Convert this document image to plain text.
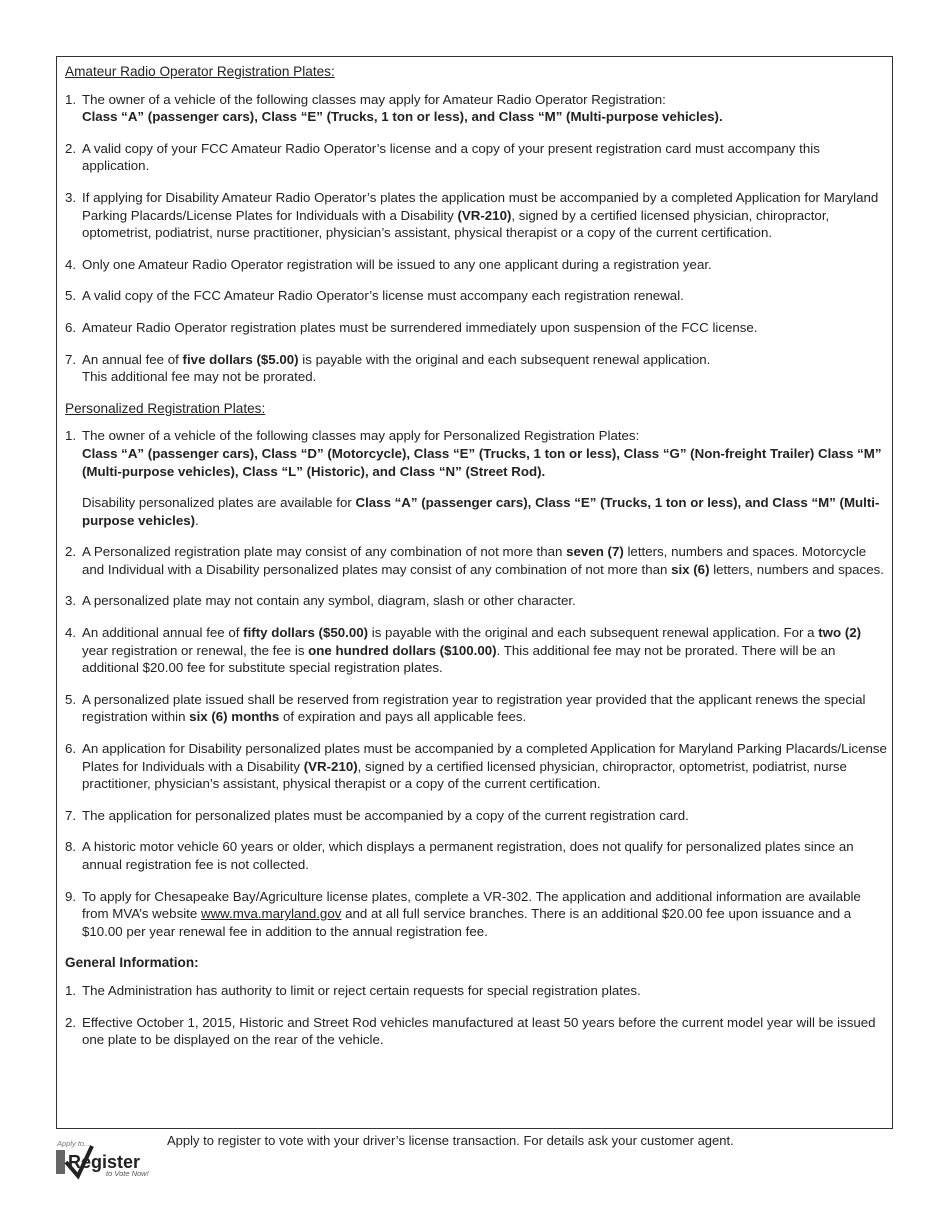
Amateur Radio Operator Registration Plates:
1. The owner of a vehicle of the following classes may apply for Amateur Radio Operator Registration:
Class “A” (passenger cars), Class “E” (Trucks, 1 ton or less), and Class “M” (Multi-purpose vehicles).
2. A valid copy of your FCC Amateur Radio Operator’s license and a copy of your present registration card must accompany this application.
3. If applying for Disability Amateur Radio Operator’s plates the application must be accompanied by a completed Application for Maryland Parking Placards/License Plates for Individuals with a Disability (VR-210), signed by a certified licensed physician, chiropractor, optometrist, podiatrist, nurse practitioner, physician’s assistant, physical therapist or a copy of the current certification.
4. Only one Amateur Radio Operator registration will be issued to any one applicant during a registration year.
5. A valid copy of the FCC Amateur Radio Operator’s license must accompany each registration renewal.
6. Amateur Radio Operator registration plates must be surrendered immediately upon suspension of the FCC license.
7. An annual fee of five dollars ($5.00) is payable with the original and each subsequent renewal application.
This additional fee may not be prorated.
Personalized Registration Plates:
1. The owner of a vehicle of the following classes may apply for Personalized Registration Plates:
Class “A” (passenger cars), Class “D” (Motorcycle), Class “E” (Trucks, 1 ton or less), Class “G” (Non-freight Trailer) Class “M” (Multi-purpose vehicles), Class “L” (Historic), and Class “N” (Street Rod).
Disability personalized plates are available for Class “A” (passenger cars), Class “E” (Trucks, 1 ton or less), and Class “M” (Multi-purpose vehicles).
2. A Personalized registration plate may consist of any combination of not more than seven (7) letters, numbers and spaces. Motorcycle and Individual with a Disability personalized plates may consist of any combination of not more than six (6) letters, numbers and spaces.
3. A personalized plate may not contain any symbol, diagram, slash or other character.
4. An additional annual fee of fifty dollars ($50.00) is payable with the original and each subsequent renewal application. For a two (2) year registration or renewal, the fee is one hundred dollars ($100.00). This additional fee may not be prorated. There will be an additional $20.00 fee for substitute special registration plates.
5. A personalized plate issued shall be reserved from registration year to registration year provided that the applicant renews the special registration within six (6) months of expiration and pays all applicable fees.
6. An application for Disability personalized plates must be accompanied by a completed Application for Maryland Parking Placards/License Plates for Individuals with a Disability (VR-210), signed by a certified licensed physician, chiropractor, optometrist, podiatrist, nurse practitioner, physician’s assistant, physical therapist or a copy of the current certification.
7. The application for personalized plates must be accompanied by a copy of the current registration card.
8. A historic motor vehicle 60 years or older, which displays a permanent registration, does not qualify for personalized plates since an annual registration fee is not collected.
9. To apply for Chesapeake Bay/Agriculture license plates, complete a VR-302. The application and additional information are available from MVA’s website www.mva.maryland.gov and at all full service branches. There is an additional $20.00 fee upon issuance and a $10.00 per year renewal fee in addition to the annual registration fee.
General Information:
1. The Administration has authority to limit or reject certain requests for special registration plates.
2. Effective October 1, 2015, Historic and Street Rod vehicles manufactured at least 50 years before the current model year will be issued one plate to be displayed on the rear of the vehicle.
Apply to...
Register
to Vote Now!
Apply to register to vote with your driver’s license transaction. For details ask your customer agent.
